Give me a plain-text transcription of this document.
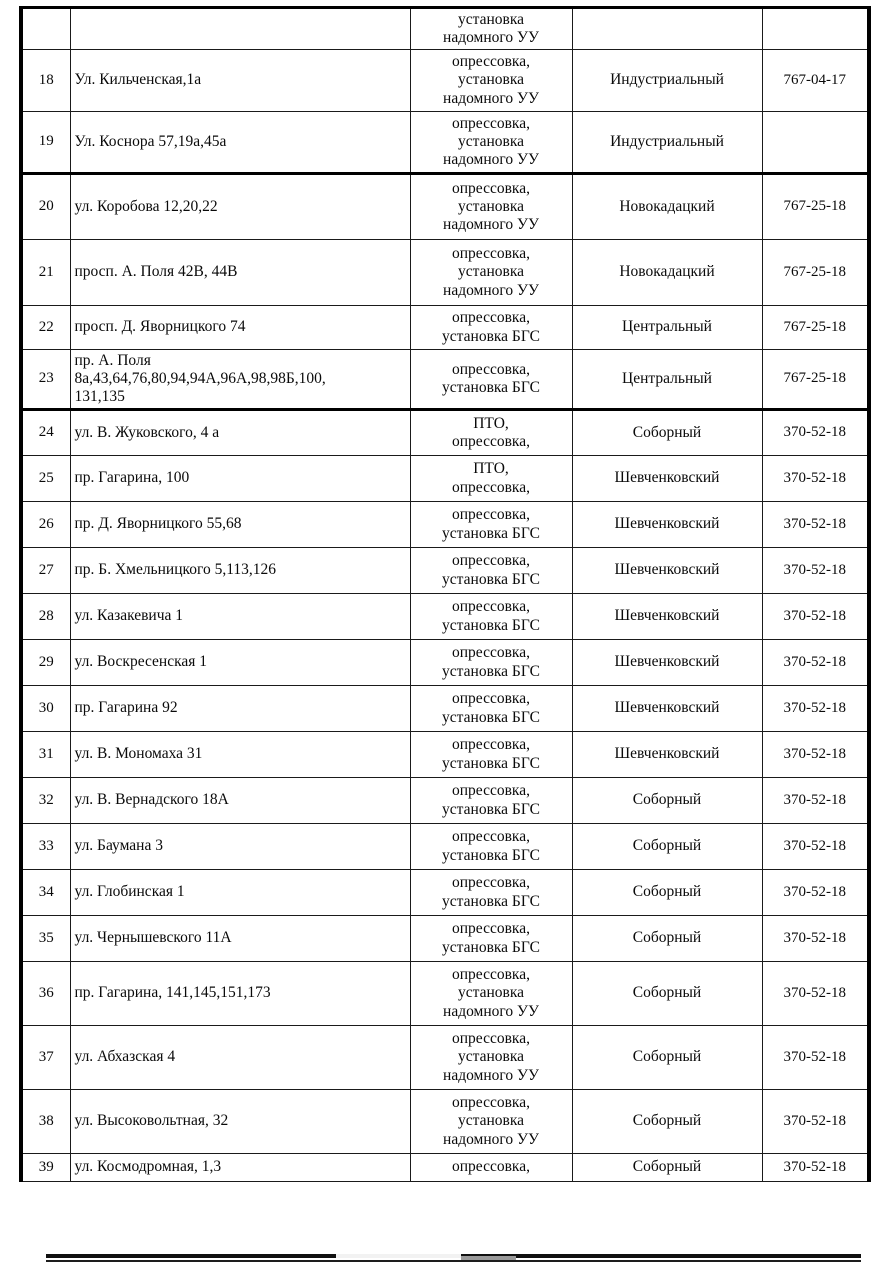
		установка
надомного УУ		
18	Ул. Кильченская,1а	опрессовка,
установка
надомного УУ	Индустриальный	767-04-17
19	Ул. Коснора 57,19а,45а	опрессовка,
установка
надомного УУ	Индустриальный	
20	ул. Коробова 12,20,22	опрессовка,
установка
надомного УУ	Новокадацкий	767-25-18
21	просп. А. Поля 42В, 44В	опрессовка,
установка
надомного УУ	Новокадацкий	767-25-18
22	просп. Д. Яворницкого 74	опрессовка,
установка БГС	Центральный	767-25-18
23	пр. А. Поля
8а,43,64,76,80,94,94А,96А,98,98Б,100,
131,135	опрессовка,
установка БГС	Центральный	767-25-18
24	ул. В. Жуковского, 4 а	ПТО,
опрессовка,	Соборный	370-52-18
25	пр. Гагарина, 100	ПТО,
опрессовка,	Шевченковский	370-52-18
26	пр. Д. Яворницкого 55,68	опрессовка,
установка БГС	Шевченковский	370-52-18
27	пр. Б. Хмельницкого 5,113,126	опрессовка,
установка БГС	Шевченковский	370-52-18
28	ул. Казакевича 1	опрессовка,
установка БГС	Шевченковский	370-52-18
29	ул. Воскресенская 1	опрессовка,
установка БГС	Шевченковский	370-52-18
30	пр. Гагарина 92	опрессовка,
установка БГС	Шевченковский	370-52-18
31	ул. В. Мономаха 31	опрессовка,
установка БГС	Шевченковский	370-52-18
32	ул. В. Вернадского 18А	опрессовка,
установка БГС	Соборный	370-52-18
33	ул. Баумана 3	опрессовка,
установка БГС	Соборный	370-52-18
34	ул. Глобинская 1	опрессовка,
установка БГС	Соборный	370-52-18
35	ул. Чернышевского 11А	опрессовка,
установка БГС	Соборный	370-52-18
36	пр. Гагарина, 141,145,151,173	опрессовка,
установка
надомного УУ	Соборный	370-52-18
37	ул. Абхазская 4	опрессовка,
установка
надомного УУ	Соборный	370-52-18
38	ул. Высоковольтная, 32	опрессовка,
установка
надомного УУ	Соборный	370-52-18
39	ул. Космодромная, 1,3	опрессовка,	Соборный	370-52-18
